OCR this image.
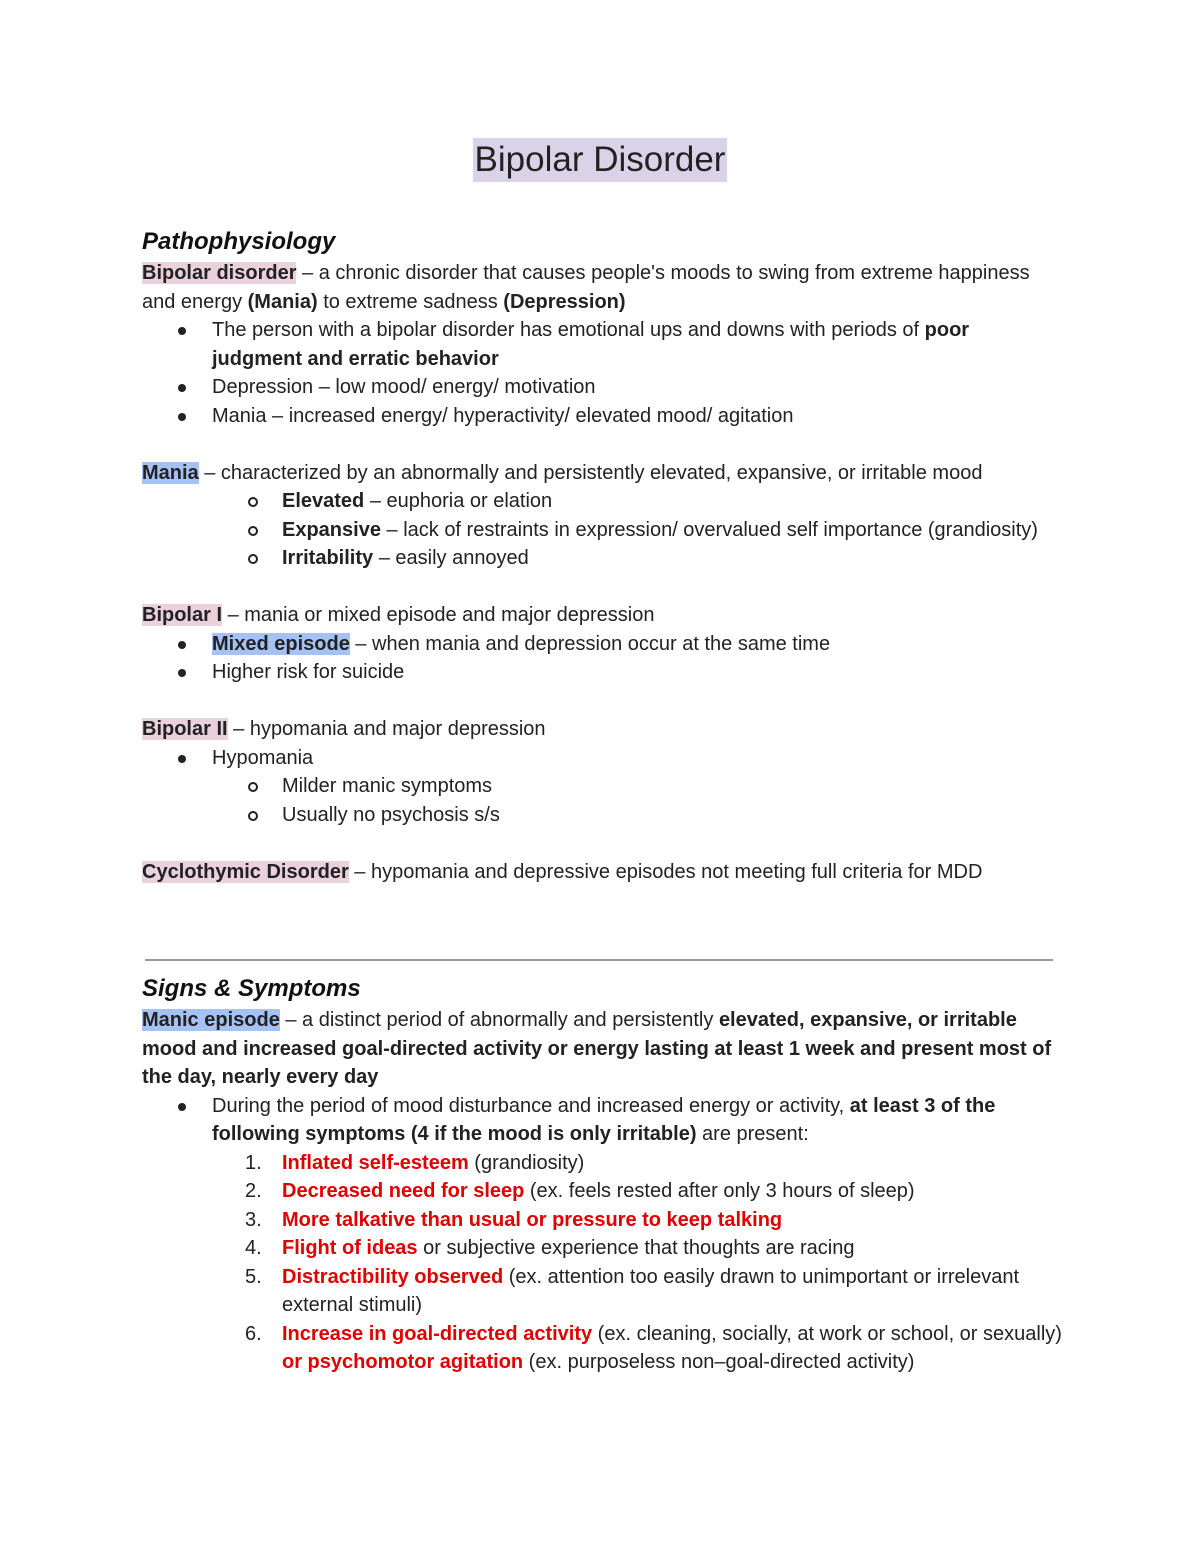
Bipolar Disorder
Pathophysiology

Bipolar disorder – a chronic disorder that causes people's moods to swing from extreme happiness and energy (Mania) to extreme sadness (Depression)

The person with a bipolar disorder has emotional ups and downs with periods of poor judgment and erratic behavior
Depression – low mood/ energy/ motivation
Mania – increased energy/ hyperactivity/ elevated mood/ agitation

Mania – characterized by an abnormally and persistently elevated, expansive, or irritable mood

Elevated – euphoria or elation
Expansive – lack of restraints in expression/ overvalued self importance (grandiosity)
Irritability – easily annoyed

Bipolar I – mania or mixed episode and major depression

Mixed episode – when mania and depression occur at the same time
Higher risk for suicide

Bipolar II – hypomania and major depression

Hypomania
Milder manic symptoms
Usually no psychosis s/s

Cyclothymic Disorder – hypomania and depressive episodes not meeting full criteria for MDD

Signs & Symptoms

Manic episode – a distinct period of abnormally and persistently elevated, expansive, or irritable mood and increased goal-directed activity or energy lasting at least 1 week and present most of the day, nearly every day

During the period of mood disturbance and increased energy or activity, at least 3 of the following symptoms (4 if the mood is only irritable) are present:
1.	Inflated self-esteem (grandiosity)
2.	Decreased need for sleep (ex. feels rested after only 3 hours of sleep)
3.	More talkative than usual or pressure to keep talking
4.	Flight of ideas or subjective experience that thoughts are racing
5.	Distractibility observed (ex. attention too easily drawn to unimportant or irrelevant external stimuli)
6.	Increase in goal-directed activity (ex. cleaning, socially, at work or school, or sexually) or psychomotor agitation (ex. purposeless non–goal-directed activity)
